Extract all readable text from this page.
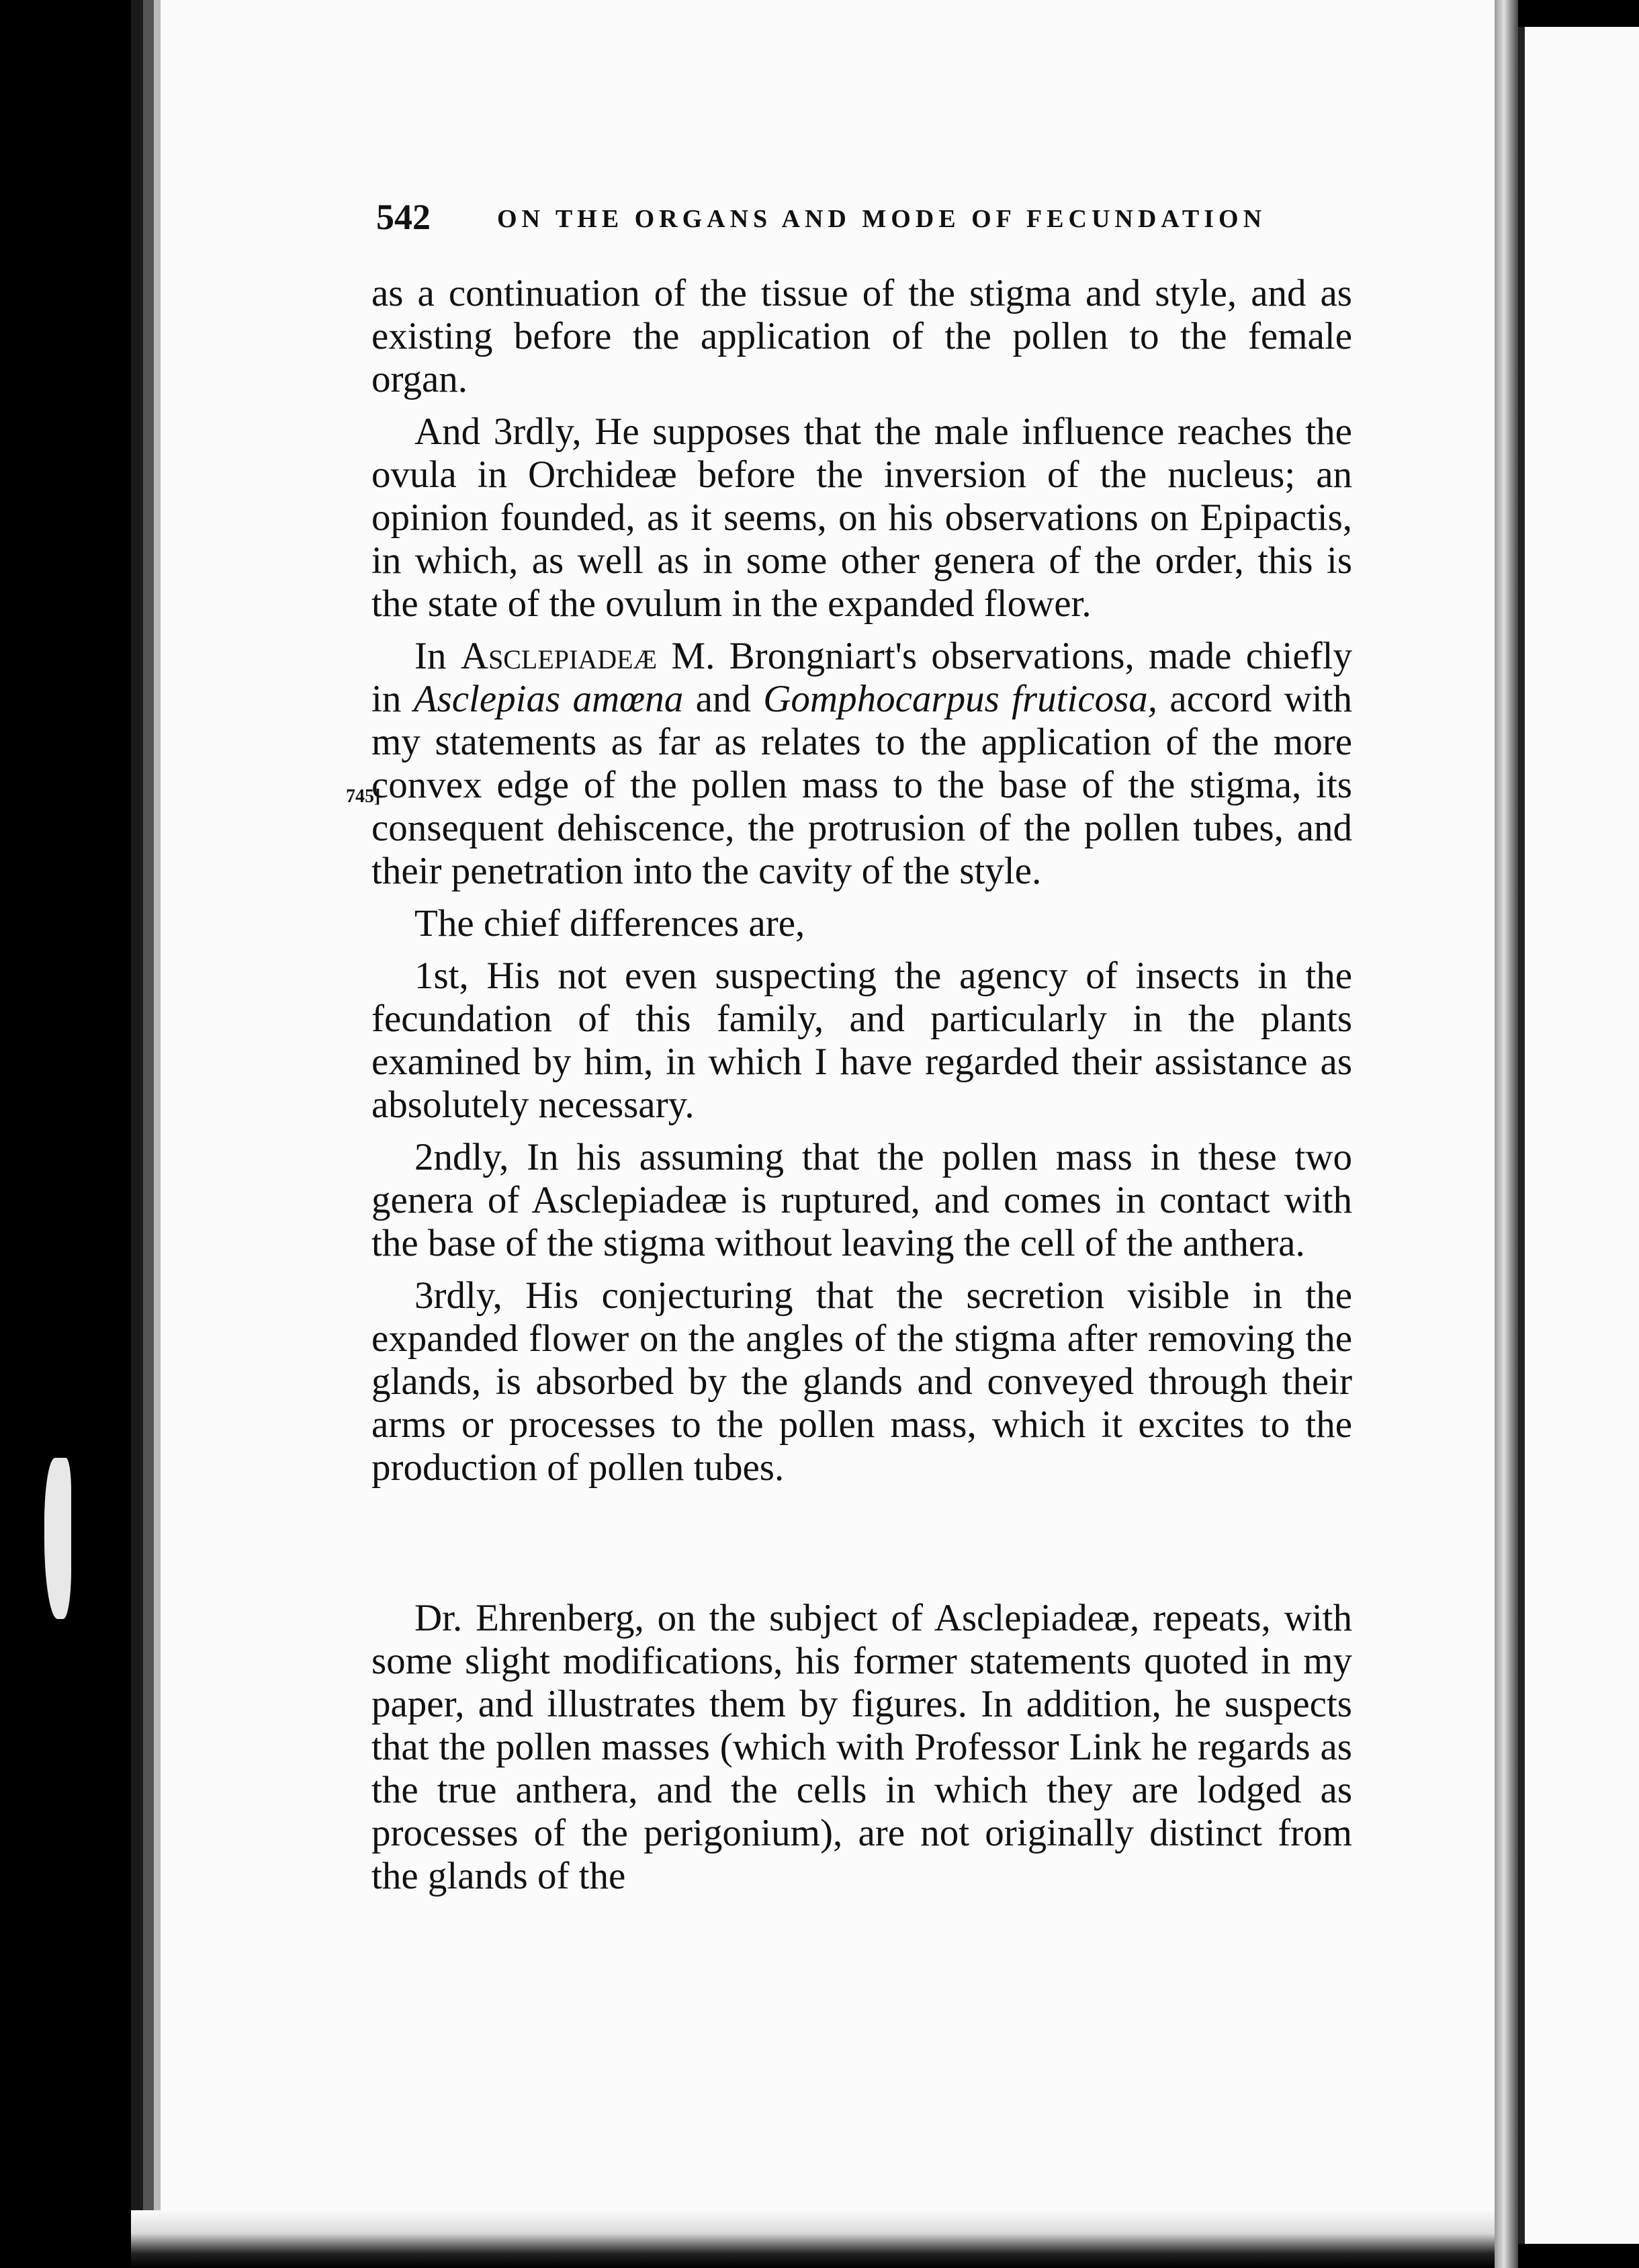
542	ON THE ORGANS AND MODE OF FECUNDATION
745]

as a continuation of the tissue of the stigma and style, and as existing before the application of the pollen to the female organ.

And 3rdly, He supposes that the male influence reaches the ovula in Orchideæ before the inversion of the nucleus; an opinion founded, as it seems, on his observations on Epipactis, in which, as well as in some other genera of the order, this is the state of the ovulum in the expanded flower.

In Asclepiadeæ M. Brongniart's observations, made chiefly in Asclepias amœna and Gomphocarpus fruticosa, accord with my statements as far as relates to the application of the more convex edge of the pollen mass to the base of the stigma, its consequent dehiscence, the protrusion of the pollen tubes, and their penetration into the cavity of the style.

The chief differences are,

1st, His not even suspecting the agency of insects in the fecundation of this family, and particularly in the plants examined by him, in which I have regarded their assistance as absolutely necessary.

2ndly, In his assuming that the pollen mass in these two genera of Asclepiadeæ is ruptured, and comes in contact with the base of the stigma without leaving the cell of the anthera.

3rdly, His conjecturing that the secretion visible in the expanded flower on the angles of the stigma after removing the glands, is absorbed by the glands and conveyed through their arms or processes to the pollen mass, which it excites to the production of pollen tubes.

Dr. Ehrenberg, on the subject of Asclepiadeæ, repeats, with some slight modifications, his former statements quoted in my paper, and illustrates them by figures. In addition, he suspects that the pollen masses (which with Professor Link he regards as the true anthera, and the cells in which they are lodged as processes of the perigonium), are not originally distinct from the glands of the
